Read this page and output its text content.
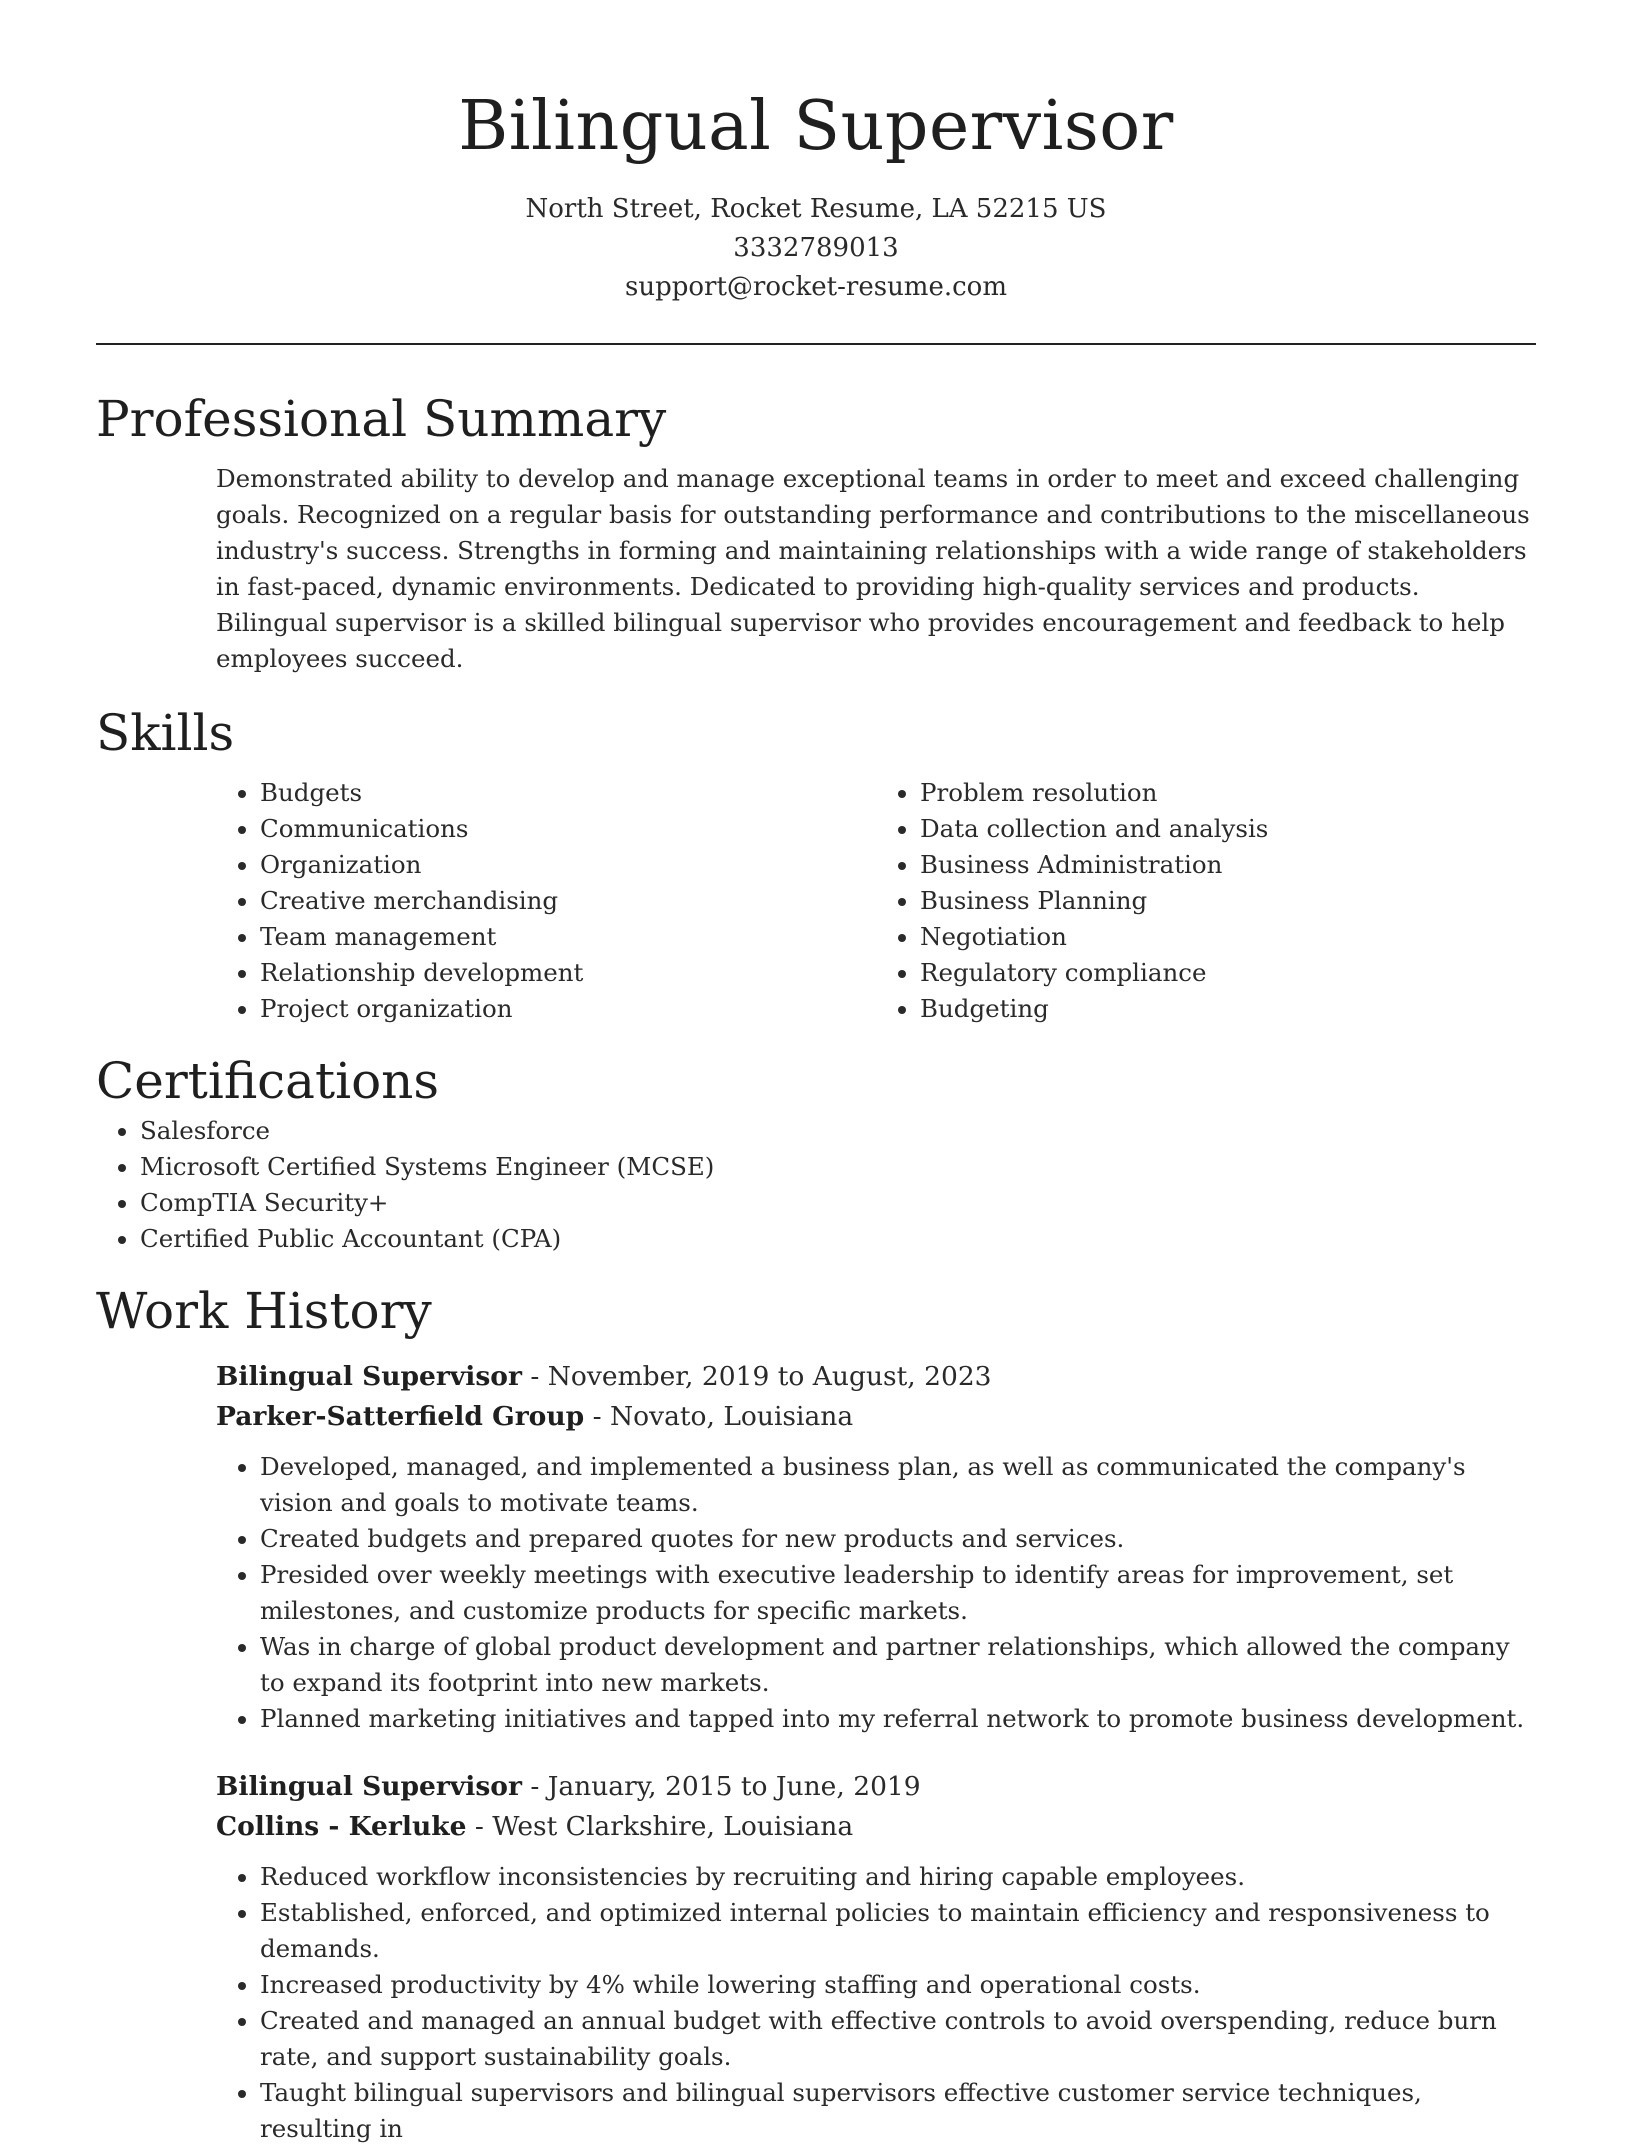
Bilingual Supervisor
North Street, Rocket Resume, LA 52215 US
3332789013
support@rocket-resume.com
Professional Summary

Demonstrated ability to develop and manage exceptional teams in order to meet and exceed challenging goals. Recognized on a regular basis for outstanding performance and contributions to the miscellaneous industry's success. Strengths in forming and maintaining relationships with a wide range of stakeholders in fast-paced, dynamic environments. Dedicated to providing high-quality services and products. Bilingual supervisor is a skilled bilingual supervisor who provides encouragement and feedback to help employees succeed.

Skills
• Budgets
• Communications
• Organization
• Creative merchandising
• Team management
• Relationship development
• Project organization
• Problem resolution
• Data collection and analysis
• Business Administration
• Business Planning
• Negotiation
• Regulatory compliance
• Budgeting
Certifications
• Salesforce
• Microsoft Certified Systems Engineer (MCSE)
• CompTIA Security+
• Certified Public Accountant (CPA)
Work History
Bilingual Supervisor - November, 2019 to August, 2023
Parker-Satterfield Group - Novato, Louisiana
• Developed, managed, and implemented a business plan, as well as communicated the company's vision and goals to motivate teams.
• Created budgets and prepared quotes for new products and services.
• Presided over weekly meetings with executive leadership to identify areas for improvement, set milestones, and customize products for specific markets.
• Was in charge of global product development and partner relationships, which allowed the company to expand its footprint into new markets.
• Planned marketing initiatives and tapped into my referral network to promote business development.
Bilingual Supervisor - January, 2015 to June, 2019
Collins - Kerluke - West Clarkshire, Louisiana
• Reduced workflow inconsistencies by recruiting and hiring capable employees.
• Established, enforced, and optimized internal policies to maintain efficiency and responsiveness to demands.
• Increased productivity by 4% while lowering staffing and operational costs.
• Created and managed an annual budget with effective controls to avoid overspending, reduce burn rate, and support sustainability goals.
• Taught bilingual supervisors and bilingual supervisors effective customer service techniques, resulting in
